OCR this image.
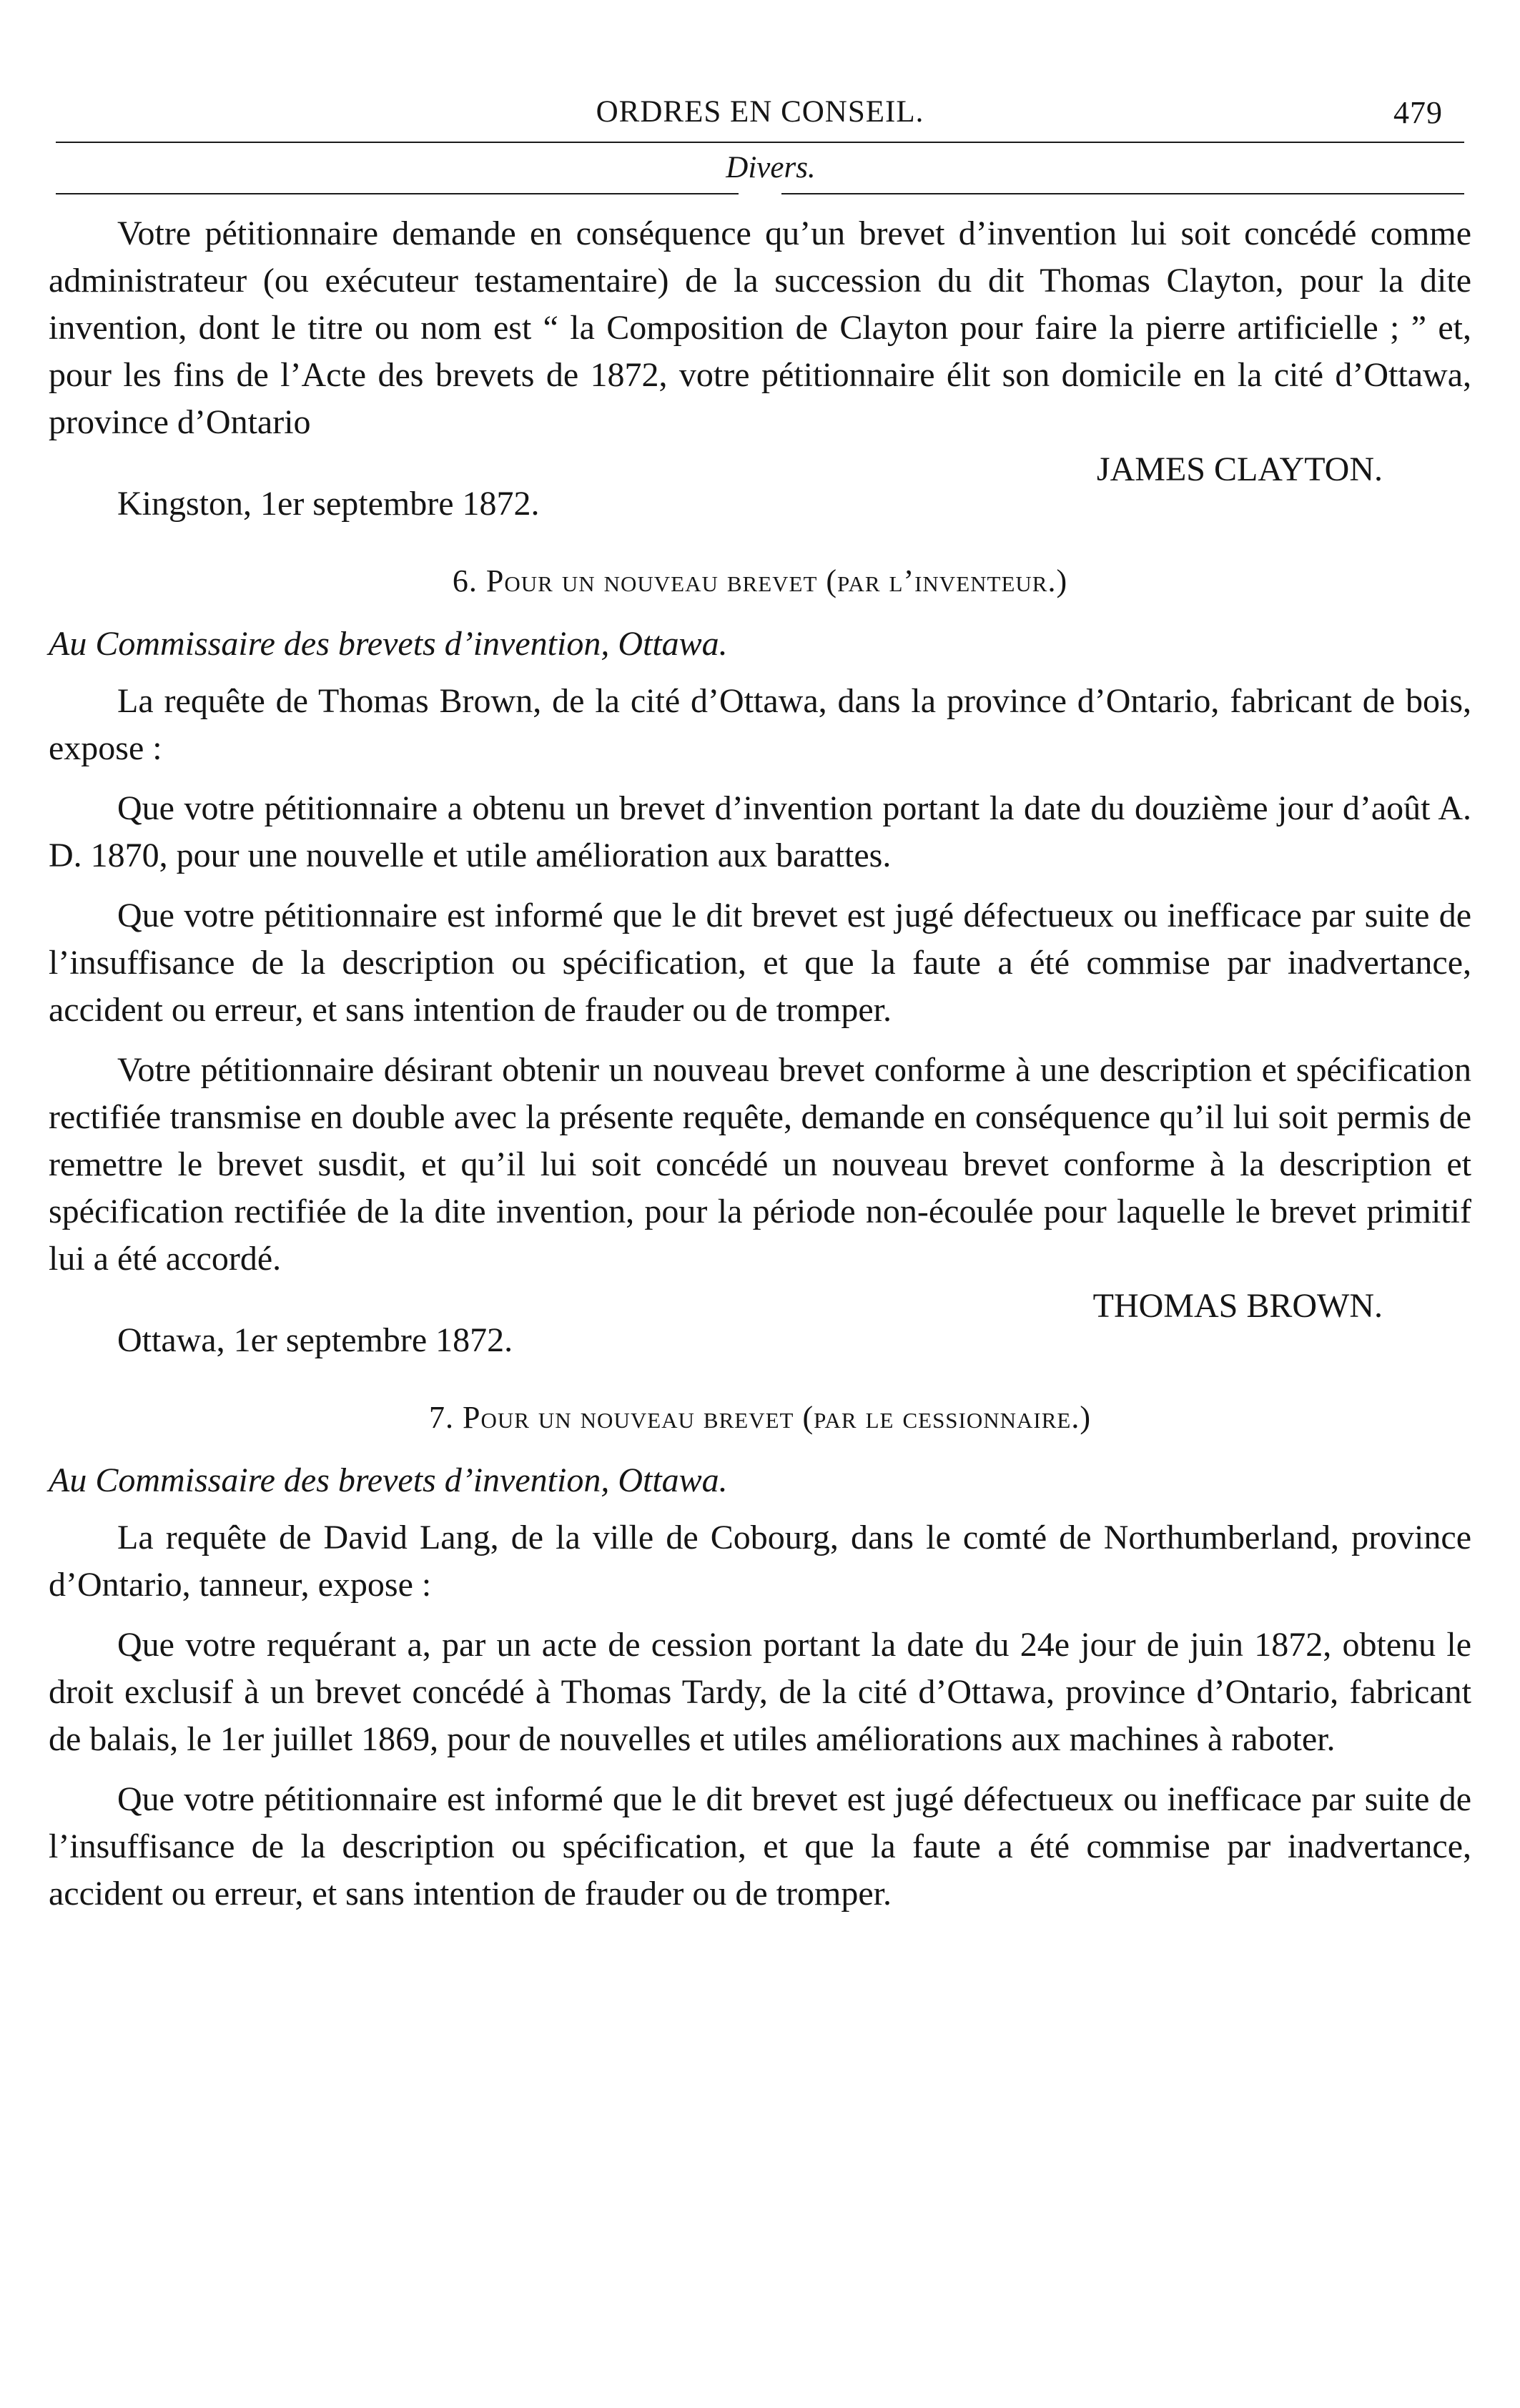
ORDRES EN CONSEIL.	479
Divers.

Votre pétitionnaire demande en conséquence qu’un brevet d’invention lui soit concédé comme administrateur (ou exécuteur testamentaire) de la succession du dit Thomas Clayton, pour la dite invention, dont le titre ou nom est “ la Composition de Clayton pour faire la pierre artificielle ; ” et, pour les fins de l’Acte des brevets de 1872, votre pétitionnaire élit son domicile en la cité d’Ottawa, province d’Ontario

JAMES CLAYTON.
Kingston, 1er septembre 1872.
6. Pour un nouveau brevet (par l’inventeur.)
Au Commissaire des brevets d’invention, Ottawa.

La requête de Thomas Brown, de la cité d’Ottawa, dans la province d’Ontario, fabricant de bois, expose :

Que votre pétitionnaire a obtenu un brevet d’invention portant la date du douzième jour d’août A. D. 1870, pour une nouvelle et utile amélioration aux barattes.

Que votre pétitionnaire est informé que le dit brevet est jugé défectueux ou inefficace par suite de l’insuffisance de la description ou spécification, et que la faute a été commise par inadvertance, accident ou erreur, et sans intention de frauder ou de tromper.

Votre pétitionnaire désirant obtenir un nouveau brevet conforme à une description et spécification rectifiée transmise en double avec la présente requête, demande en conséquence qu’il lui soit permis de remettre le brevet susdit, et qu’il lui soit concédé un nouveau brevet conforme à la description et spécification rectifiée de la dite invention, pour la période non-écoulée pour laquelle le brevet primitif lui a été accordé.

THOMAS BROWN.
Ottawa, 1er septembre 1872.
7. Pour un nouveau brevet (par le cessionnaire.)
Au Commissaire des brevets d’invention, Ottawa.

La requête de David Lang, de la ville de Cobourg, dans le comté de Northumberland, province d’Ontario, tanneur, expose :

Que votre requérant a, par un acte de cession portant la date du 24e jour de juin 1872, obtenu le droit exclusif à un brevet concédé à Thomas Tardy, de la cité d’Ottawa, province d’Ontario, fabricant de balais, le 1er juillet 1869, pour de nouvelles et utiles améliorations aux machines à raboter.

Que votre pétitionnaire est informé que le dit brevet est jugé défectueux ou inefficace par suite de l’insuffisance de la description ou spécification, et que la faute a été commise par inadvertance, accident ou erreur, et sans intention de frauder ou de tromper.
